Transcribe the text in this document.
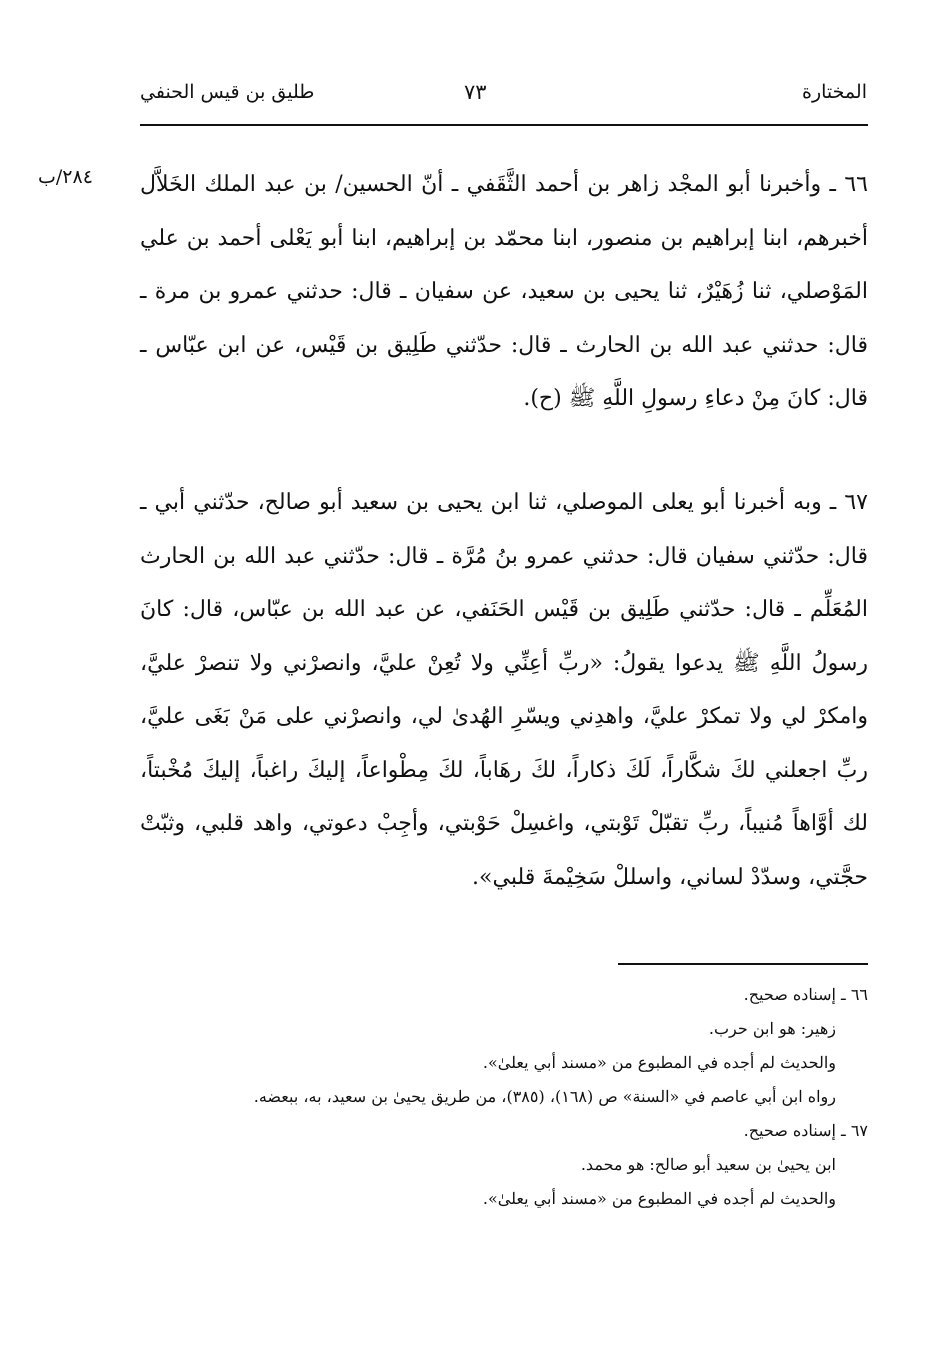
المختارة
٧٣
طليق بن قيس الحنفي
٢٨٤/ب ٦٦ ـ وأخبرنا أبو المجْد زاهر بن أحمد الثَّقَفي ـ أنّ الحسين/ بن عبد الملك الخَلاَّل أخبرهم، ابنا إبراهيم بن منصور، ابنا محمّد بن إبراهيم، ابنا أبو يَعْلى أحمد بن علي المَوْصلي، ثنا زُهَيْرٌ، ثنا يحيى بن سعيد، عن سفيان ـ قال: حدثني عمرو بن مرة ـ قال: حدثني عبد الله بن الحارث ـ قال: حدّثني طَلِيق بن قَيْس، عن ابن عبّاس ـ قال: كانَ مِنْ دعاءِ رسولِ اللَّهِ ﷺ (ح).

٦٧ ـ وبه أخبرنا أبو يعلى الموصلي، ثنا ابن يحيى بن سعيد أبو صالح، حدّثني أبي ـ قال: حدّثني سفيان قال: حدثني عمرو بنُ مُرَّة ـ قال: حدّثني عبد الله بن الحارث المُعَلِّم ـ قال: حدّثني طَلِيق بن قَيْس الحَنَفي، عن عبد الله بن عبّاس، قال: كانَ رسولُ اللَّهِ ﷺ يدعوا يقولُ: «ربِّ أعِنِّي ولا تُعِنْ عليَّ، وانصرْني ولا تنصرْ عليَّ، وامكرْ لي ولا تمكرْ عليَّ، واهدِني ويسّرِ الهُدىٰ لي، وانصرْني على مَنْ بَغَى عليَّ، ربِّ اجعلني لكَ شكَّاراً، لَكَ ذكاراً، لكَ رهَاباً، لكَ مِطْواعاً، إليكَ راغباً، إليكَ مُخْبتاً، لك أوَّاهاً مُنيباً، ربِّ تقبّلْ تَوْبتي، واغسِلْ حَوْبتي، وأجِبْ دعوتي، واهد قلبي، وثبّتْ حجَّتي، وسدّدْ لساني، واسللْ سَخِيْمةَ قلبي».

٦٦ ـ إسناده صحيح.

زهير: هو ابن حرب.

والحديث لم أجده في المطبوع من «مسند أبي يعلىٰ».

رواه ابن أبي عاصم في «السنة» ص (١٦٨)، (٣٨٥)، من طريق يحيىٰ بن سعيد، به، ببعضه.

٦٧ ـ إسناده صحيح.

ابن يحيىٰ بن سعيد أبو صالح: هو محمد.

والحديث لم أجده في المطبوع من «مسند أبي يعلىٰ».
